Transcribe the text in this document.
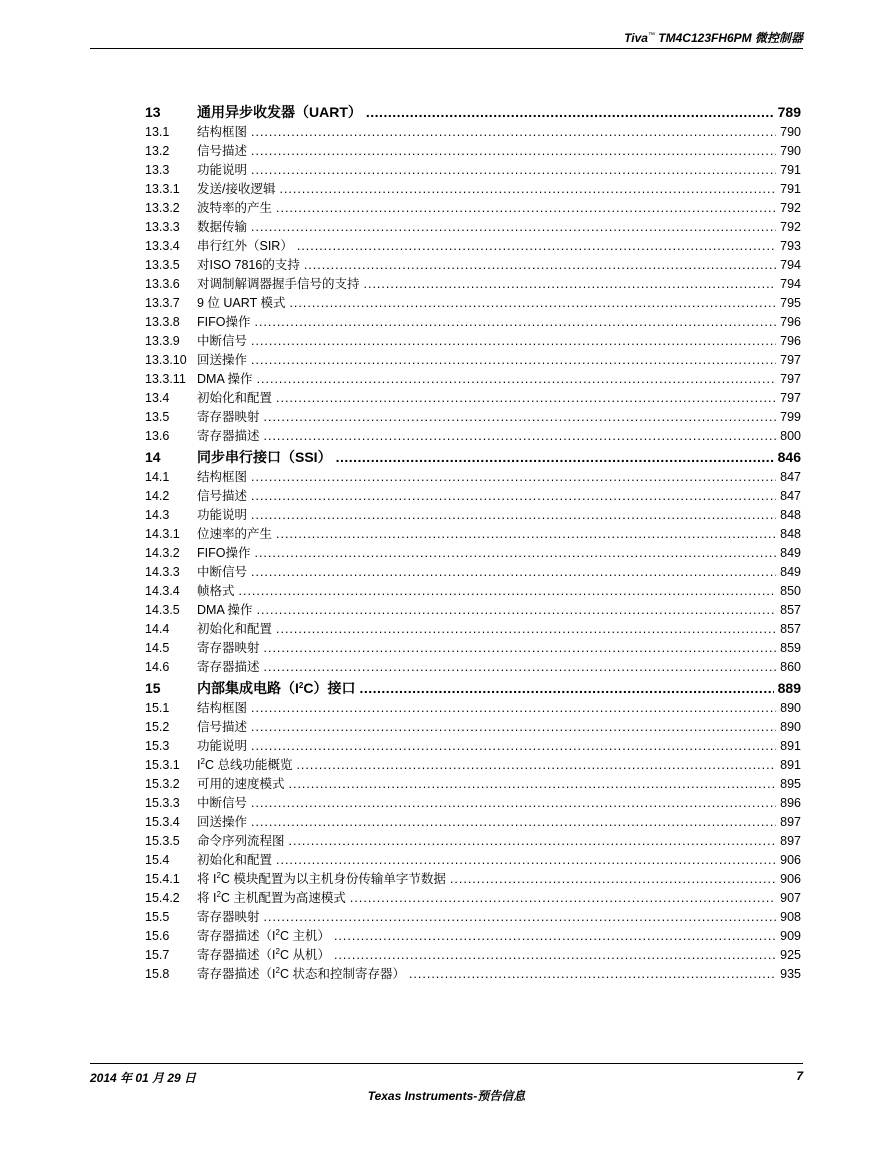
Tiva™ TM4C123FH6PM 微控制器
13	通用异步收发器（UART） .....	789
13.1 结构框图 .....	790
13.2 信号描述 .....	790
13.3 功能说明 .....	791
13.3.1 发送/接收逻辑 .....	791
13.3.2 波特率的产生 .....	792
13.3.3 数据传输 .....	792
13.3.4 串行红外（SIR） .....	793
13.3.5 对ISO 7816的支持 .....	794
13.3.6 对调制解调器握手信号的支持 .....	794
13.3.7 9 位 UART 模式 .....	795
13.3.8 FIFO操作 .....	796
13.3.9 中断信号 .....	796
13.3.10 回送操作 .....	797
13.3.11 DMA 操作 .....	797
13.4 初始化和配置 .....	797
13.5 寄存器映射 .....	799
13.6 寄存器描述 .....	800
14	同步串行接口（SSI） .....	846
14.1 结构框图 .....	847
14.2 信号描述 .....	847
14.3 功能说明 .....	848
14.3.1 位速率的产生 .....	848
14.3.2 FIFO操作 .....	849
14.3.3 中断信号 .....	849
14.3.4 帧格式 .....	850
14.3.5 DMA 操作 .....	857
14.4 初始化和配置 .....	857
14.5 寄存器映射 .....	859
14.6 寄存器描述 .....	860
15	内部集成电路$(I^2C)$接口 .....	889
15.1 结构框图 .....	890
15.2 信号描述 .....	890
15.3 功能说明 .....	891
15.3.1 $I^2C$ 总线功能概览 .....	891
15.3.2 可用的速度模式 .....	895
15.3.3 中断信号 .....	896
15.3.4 回送操作 .....	897
15.3.5 命令序列流程图 .....	897
15.4 初始化和配置 .....	906
15.4.1 将 $I^2C$ 模块配置为以主机身份传输单字节数据 .....	906
15.4.2 将 $I^2C$ 主机配置为高速模式 .....	907
15.5 寄存器映射 .....	908
15.6 寄存器描述（$I^2C$ 主机） .....	909
15.7 寄存器描述（$I^2C$ 从机） .....	925
15.8 寄存器描述（$I^2C$ 状态和控制寄存器） .....	935
2014 年 01 月 29 日	7
Texas Instruments-预告信息
